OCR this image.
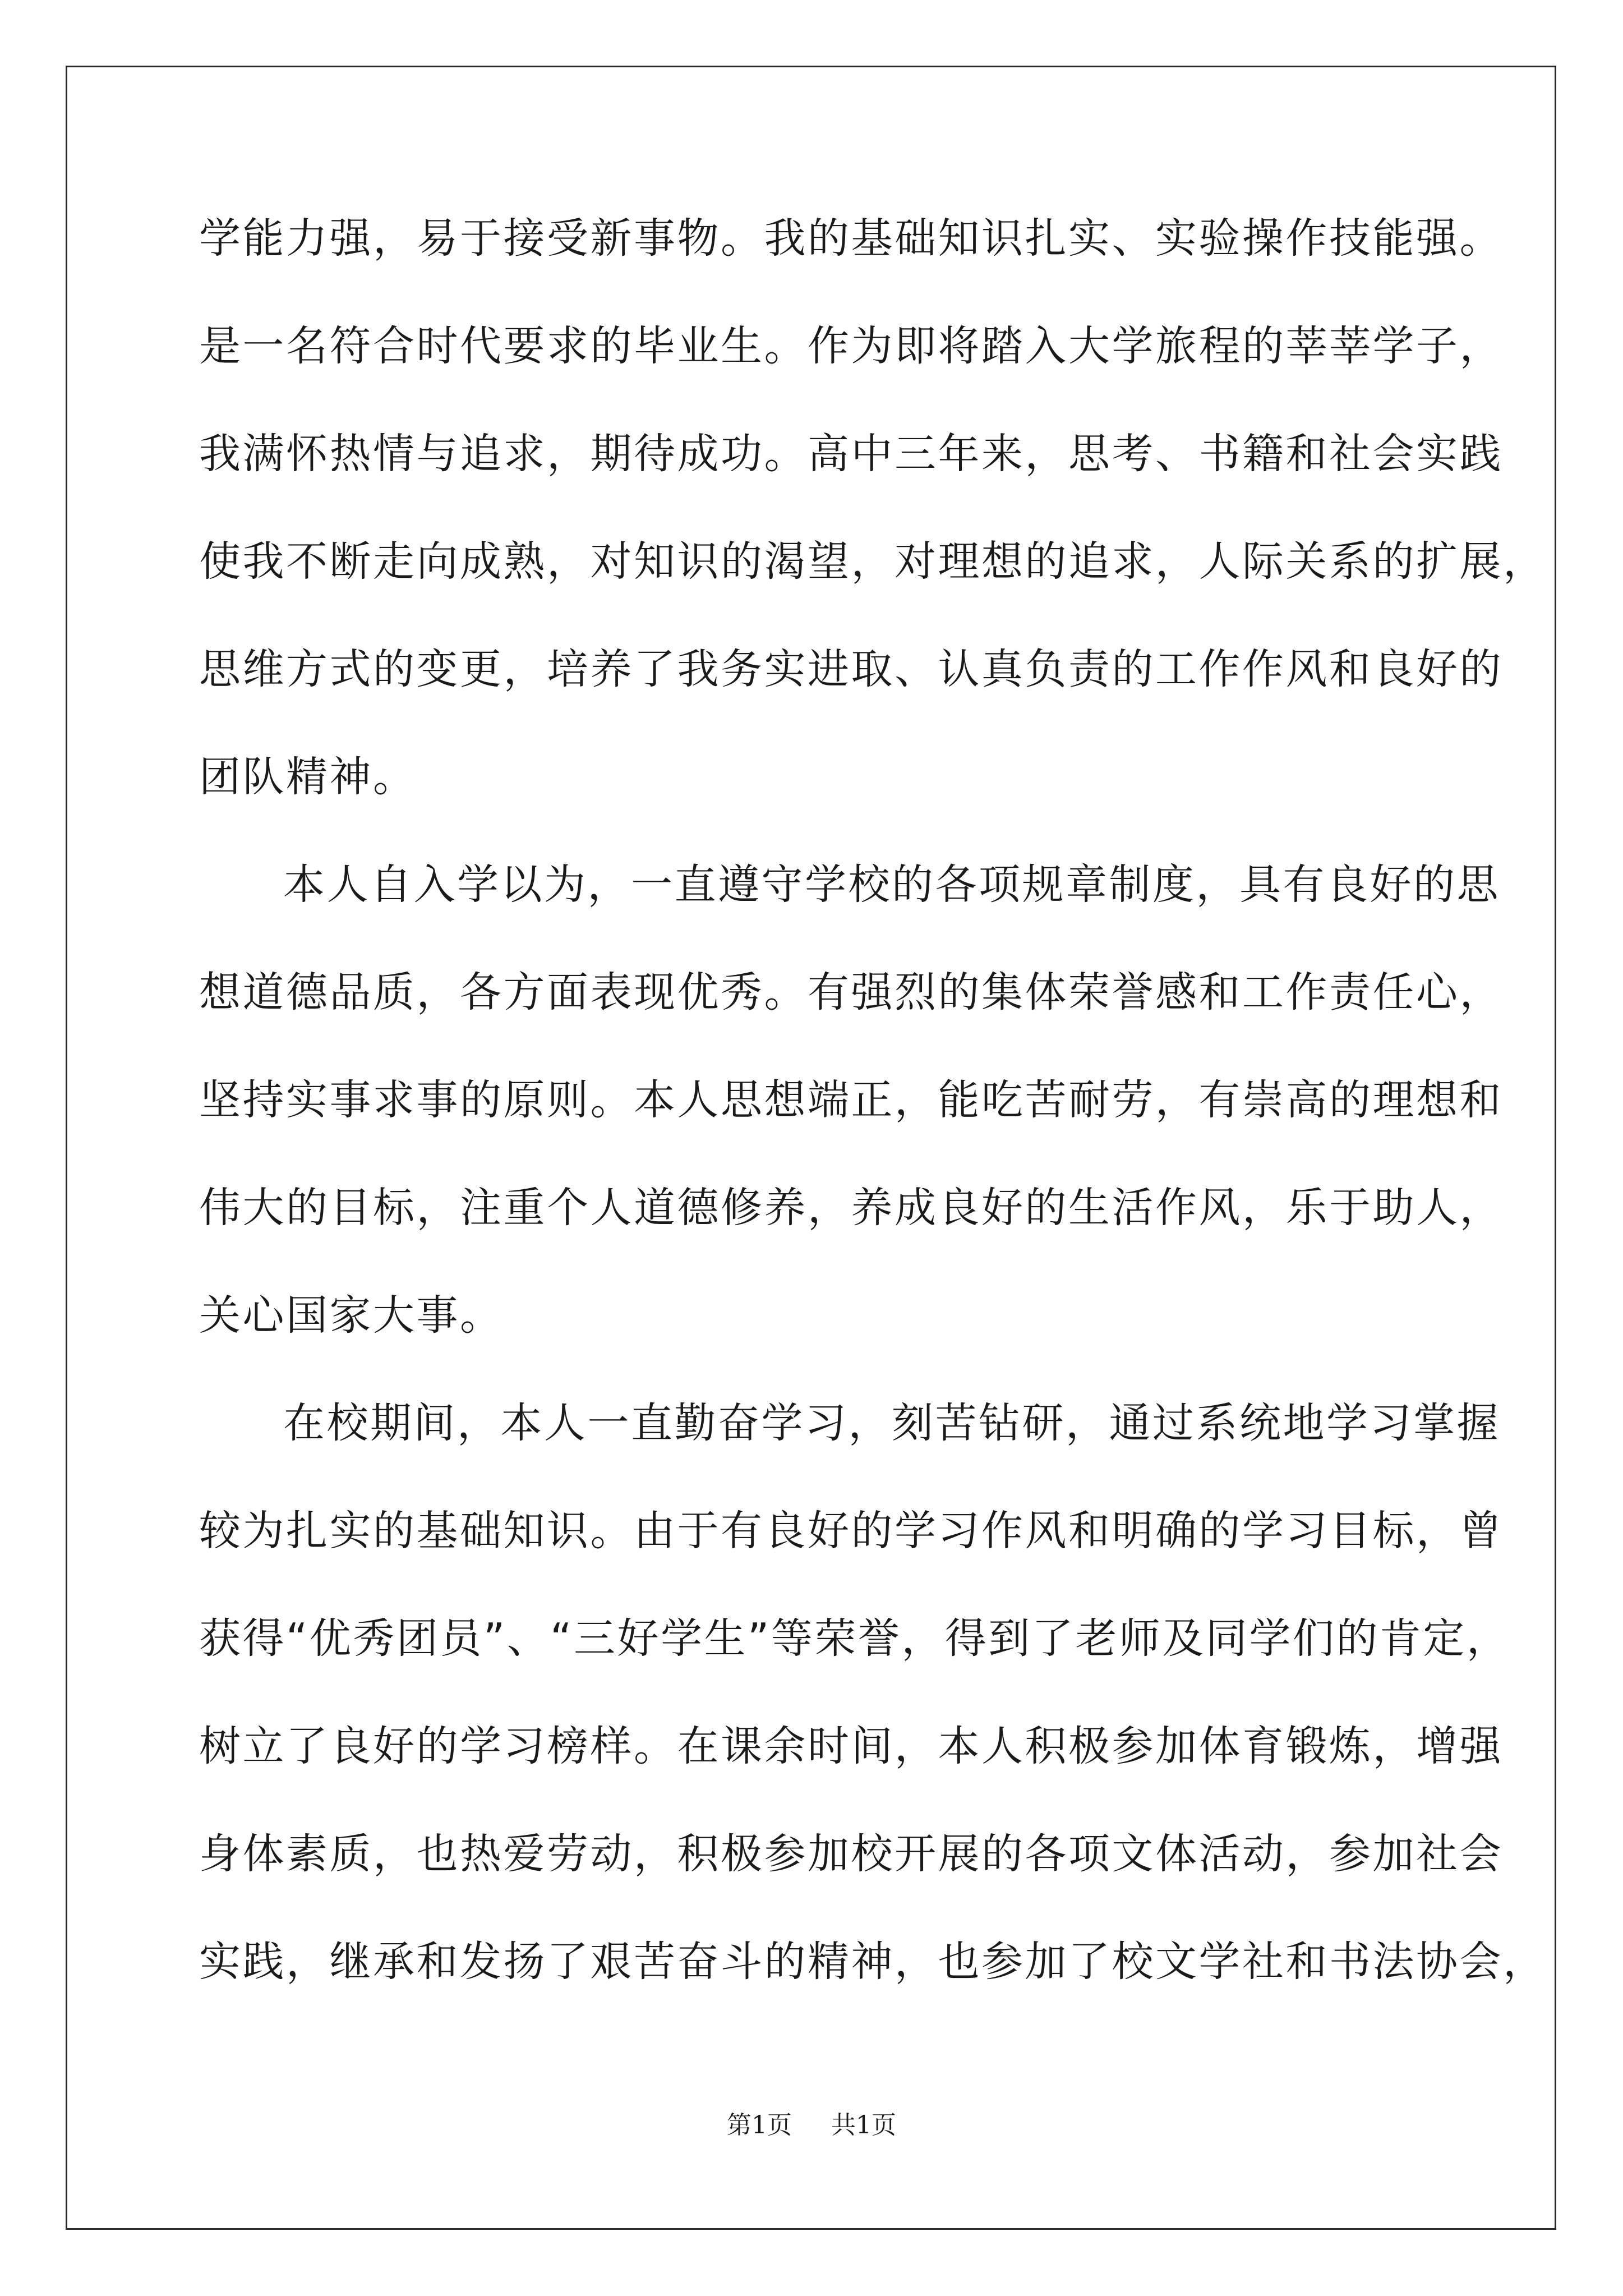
学能力强，易于接受新事物。我的基础知识扎实、实验操作技能强。
是一名符合时代要求的毕业生。作为即将踏入大学旅程的莘莘学子，
我满怀热情与追求，期待成功。高中三年来，思考、书籍和社会实践
使我不断走向成熟，对知识的渴望，对理想的追求，人际关系的扩展，
思维方式的变更，培养了我务实进取、认真负责的工作作风和良好的
团队精神。
本人自入学以为，一直遵守学校的各项规章制度，具有良好的思
想道德品质，各方面表现优秀。有强烈的集体荣誉感和工作责任心，
坚持实事求事的原则。本人思想端正，能吃苦耐劳，有崇高的理想和
伟大的目标，注重个人道德修养，养成良好的生活作风，乐于助人，
关心国家大事。
在校期间，本人一直勤奋学习，刻苦钻研，通过系统地学习掌握
较为扎实的基础知识。由于有良好的学习作风和明确的学习目标，曾
获得“优秀团员”、“三好学生”等荣誉，得到了老师及同学们的肯定，
树立了良好的学习榜样。在课余时间，本人积极参加体育锻炼，增强
身体素质，也热爱劳动，积极参加校开展的各项文体活动，参加社会
实践，继承和发扬了艰苦奋斗的精神，也参加了校文学社和书法协会，
第1页 共1页
